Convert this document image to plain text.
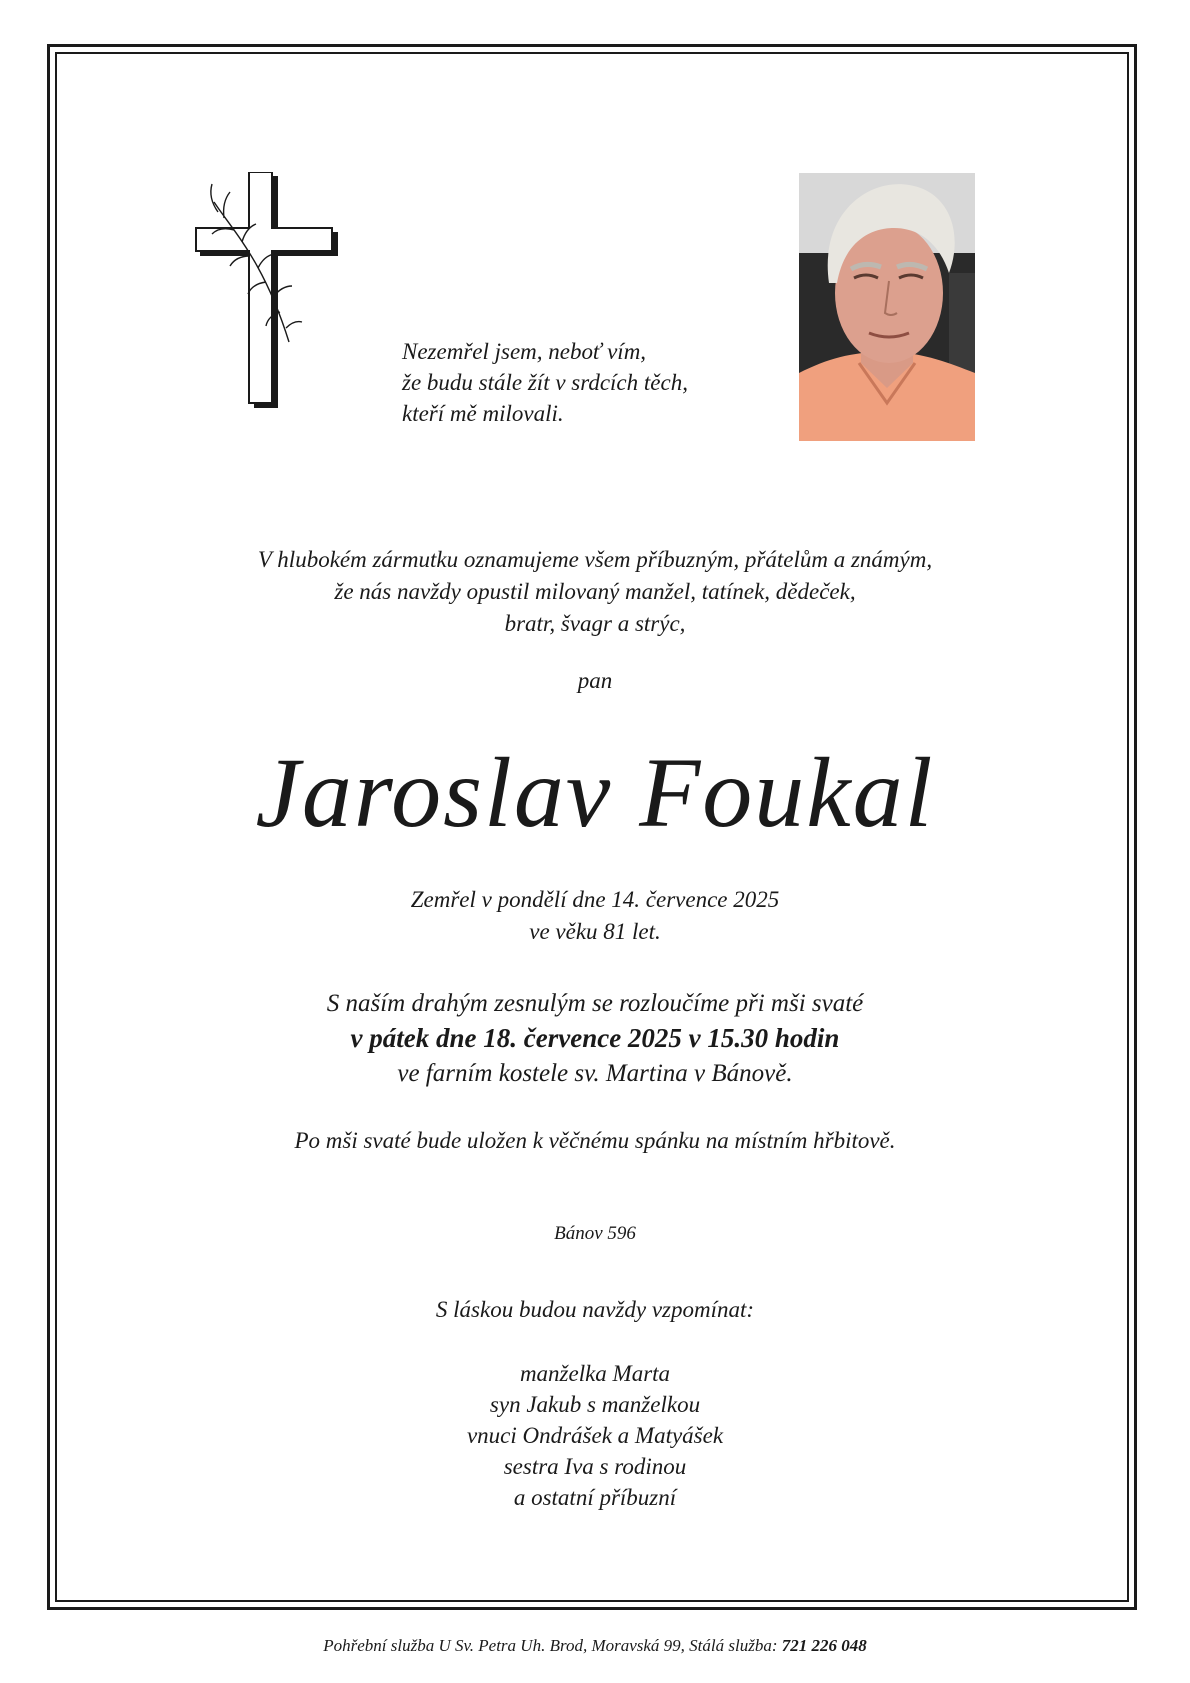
Nezemřel jsem, neboť vím,
že budu stále žít v srdcích těch,
kteří mě milovali.
V hlubokém zármutku oznamujeme všem příbuzným, přátelům a známým,
že nás navždy opustil milovaný manžel, tatínek, dědeček,
bratr, švagr a strýc,
pan
Jaroslav Foukal
Zemřel v pondělí dne 14. července 2025
ve věku 81 let.
S naším drahým zesnulým se rozloučíme při mši svaté
v pátek dne 18. července 2025 v 15.30 hodin
ve farním kostele sv. Martina v Bánově.
Po mši svaté bude uložen k věčnému spánku na místním hřbitově.
Bánov 596
S láskou budou navždy vzpomínat:
manželka Marta
syn Jakub s manželkou
vnuci Ondrášek a Matyášek
sestra Iva s rodinou
a ostatní příbuzní
Pohřební služba U Sv. Petra Uh. Brod, Moravská 99, Stálá služba: 721 226 048
